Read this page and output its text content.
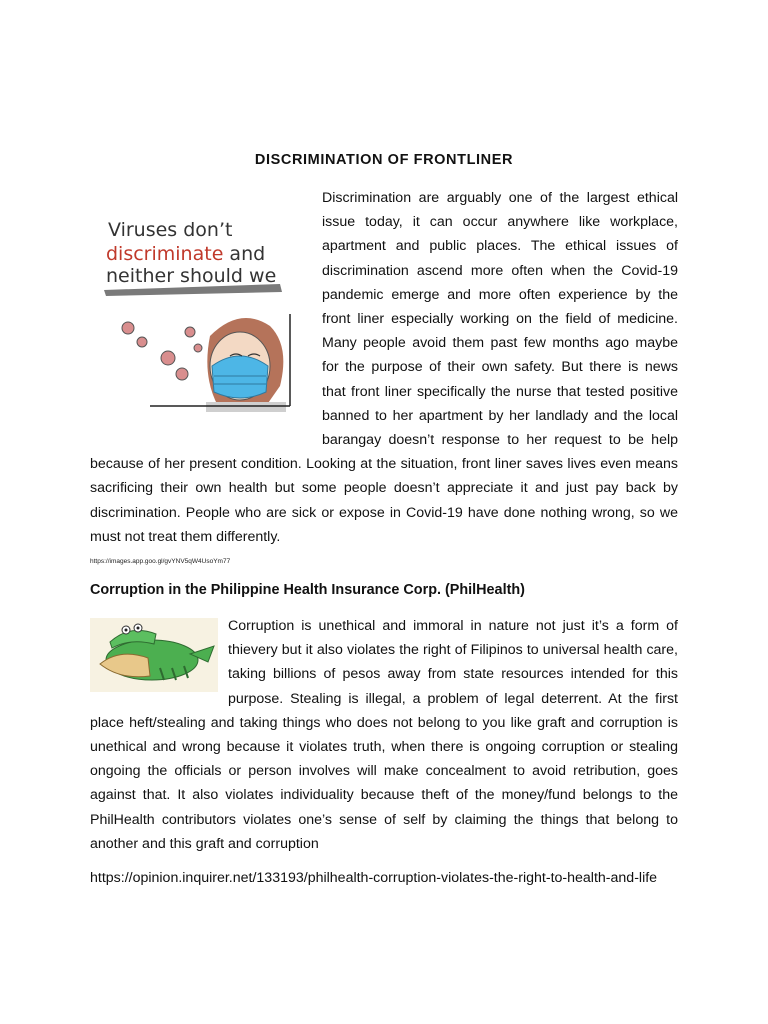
DISCRIMINATION OF FRONTLINER
Viruses don’t
discriminate and
neither should we

Discrimination are arguably one of the largest ethical issue today, it can occur anywhere like workplace, apartment and public places. The ethical issues of discrimination ascend more often when the Covid-19 pandemic emerge and more often experience by the front liner especially working on the field of medicine. Many people avoid them past few months ago maybe for the purpose of their own safety. But there is news that front liner specifically the nurse that tested positive banned to her apartment by her landlady and the local barangay doesn’t response to her request to be help because of her present condition. Looking at the situation, front liner saves lives even means sacrificing their own health but some people doesn’t appreciate it and just pay back by discrimination. People who are sick or expose in Covid-19 have done nothing wrong, so we must not treat them differently.

https://images.app.goo.gl/gvYNV5qW4UsoYm77
Corruption in the Philippine Health Insurance Corp. (PhilHealth)

Corruption is unethical and immoral in nature not just it’s a form of thievery but it also violates the right of Filipinos to universal health care, taking billions of pesos away from state resources intended for this purpose. Stealing is illegal, a problem of legal deterrent. At the first place heft/stealing and taking things who does not belong to you like graft and corruption is unethical and wrong because it violates truth, when there is ongoing corruption or stealing ongoing the officials or person involves will make concealment to avoid retribution, goes against that. It also violates individuality because theft of the money/fund belongs to the PhilHealth contributors violates one’s sense of self by claiming the things that belong to another and this graft and corruption

https://opinion.inquirer.net/133193/philhealth-corruption-violates-the-right-to-health-and-life
